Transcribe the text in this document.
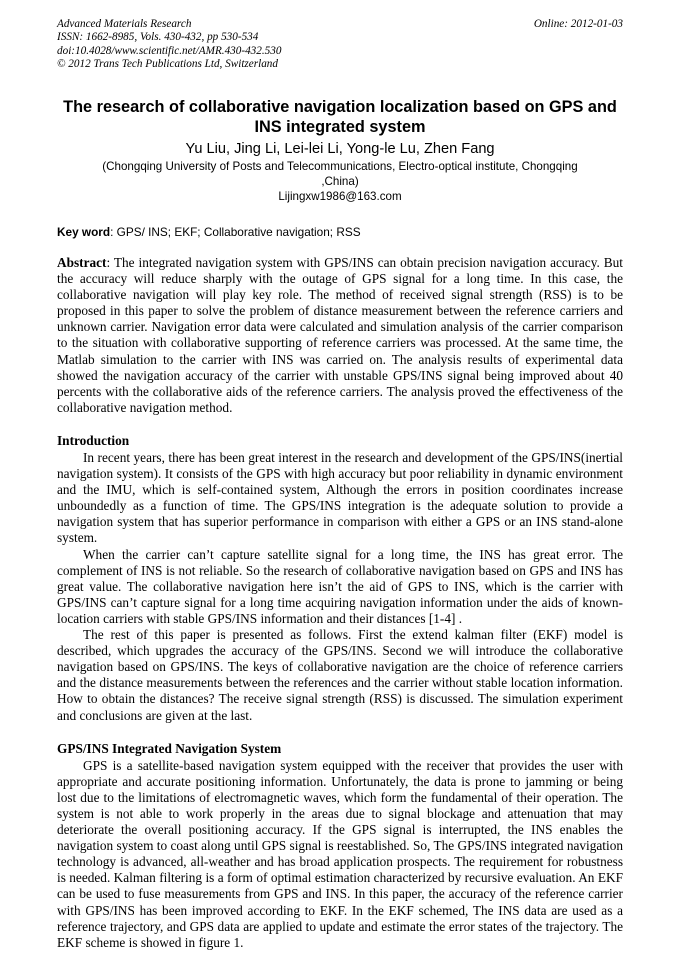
Advanced Materials Research
ISSN: 1662-8985, Vols. 430-432, pp 530-534
doi:10.4028/www.scientific.net/AMR.430-432.530
© 2012 Trans Tech Publications Ltd, Switzerland
Online: 2012-01-03
The research of collaborative navigation localization based on GPS and INS integrated system
Yu Liu, Jing Li, Lei-lei Li, Yong-le Lu, Zhen Fang
(Chongqing University of Posts and Telecommunications, Electro-optical institute, Chongqing ,China)
Lijingxw1986@163.com
Key word: GPS/ INS; EKF; Collaborative navigation; RSS
Abstract: The integrated navigation system with GPS/INS can obtain precision navigation accuracy. But the accuracy will reduce sharply with the outage of GPS signal for a long time. In this case, the collaborative navigation will play key role. The method of received signal strength (RSS) is to be proposed in this paper to solve the problem of distance measurement between the reference carriers and unknown carrier. Navigation error data were calculated and simulation analysis of the carrier comparison to the situation with collaborative supporting of reference carriers was processed. At the same time, the Matlab simulation to the carrier with INS was carried on. The analysis results of experimental data showed the navigation accuracy of the carrier with unstable GPS/INS signal being improved about 40 percents with the collaborative aids of the reference carriers. The analysis proved the effectiveness of the collaborative navigation method.
Introduction
In recent years, there has been great interest in the research and development of the GPS/INS(inertial navigation system). It consists of the GPS with high accuracy but poor reliability in dynamic environment and the IMU, which is self-contained system, Although the errors in position coordinates increase unboundedly as a function of time. The GPS/INS integration is the adequate solution to provide a navigation system that has superior performance in comparison with either a GPS or an INS stand-alone system.
When the carrier can’t capture satellite signal for a long time, the INS has great error. The complement of INS is not reliable. So the research of collaborative navigation based on GPS and INS has great value. The collaborative navigation here isn’t the aid of GPS to INS, which is the carrier with GPS/INS can’t capture signal for a long time acquiring navigation information under the aids of known-location carriers with stable GPS/INS information and their distances [1-4] .
The rest of this paper is presented as follows. First the extend kalman filter (EKF) model is described, which upgrades the accuracy of the GPS/INS. Second we will introduce the collaborative navigation based on GPS/INS. The keys of collaborative navigation are the choice of reference carriers and the distance measurements between the references and the carrier without stable location information. How to obtain the distances? The receive signal strength (RSS) is discussed. The simulation experiment and conclusions are given at the last.
GPS/INS Integrated Navigation System
GPS is a satellite-based navigation system equipped with the receiver that provides the user with appropriate and accurate positioning information. Unfortunately, the data is prone to jamming or being lost due to the limitations of electromagnetic waves, which form the fundamental of their operation. The system is not able to work properly in the areas due to signal blockage and attenuation that may deteriorate the overall positioning accuracy. If the GPS signal is interrupted, the INS enables the navigation system to coast along until GPS signal is reestablished. So, The GPS/INS integrated navigation technology is advanced, all-weather and has broad application prospects. The requirement for robustness is needed. Kalman filtering is a form of optimal estimation characterized by recursive evaluation. An EKF can be used to fuse measurements from GPS and INS. In this paper, the accuracy of the reference carrier with GPS/INS has been improved according to EKF. In the EKF schemed, The INS data are used as a reference trajectory, and GPS data are applied to update and estimate the error states of the trajectory. The EKF scheme is showed in figure 1.
